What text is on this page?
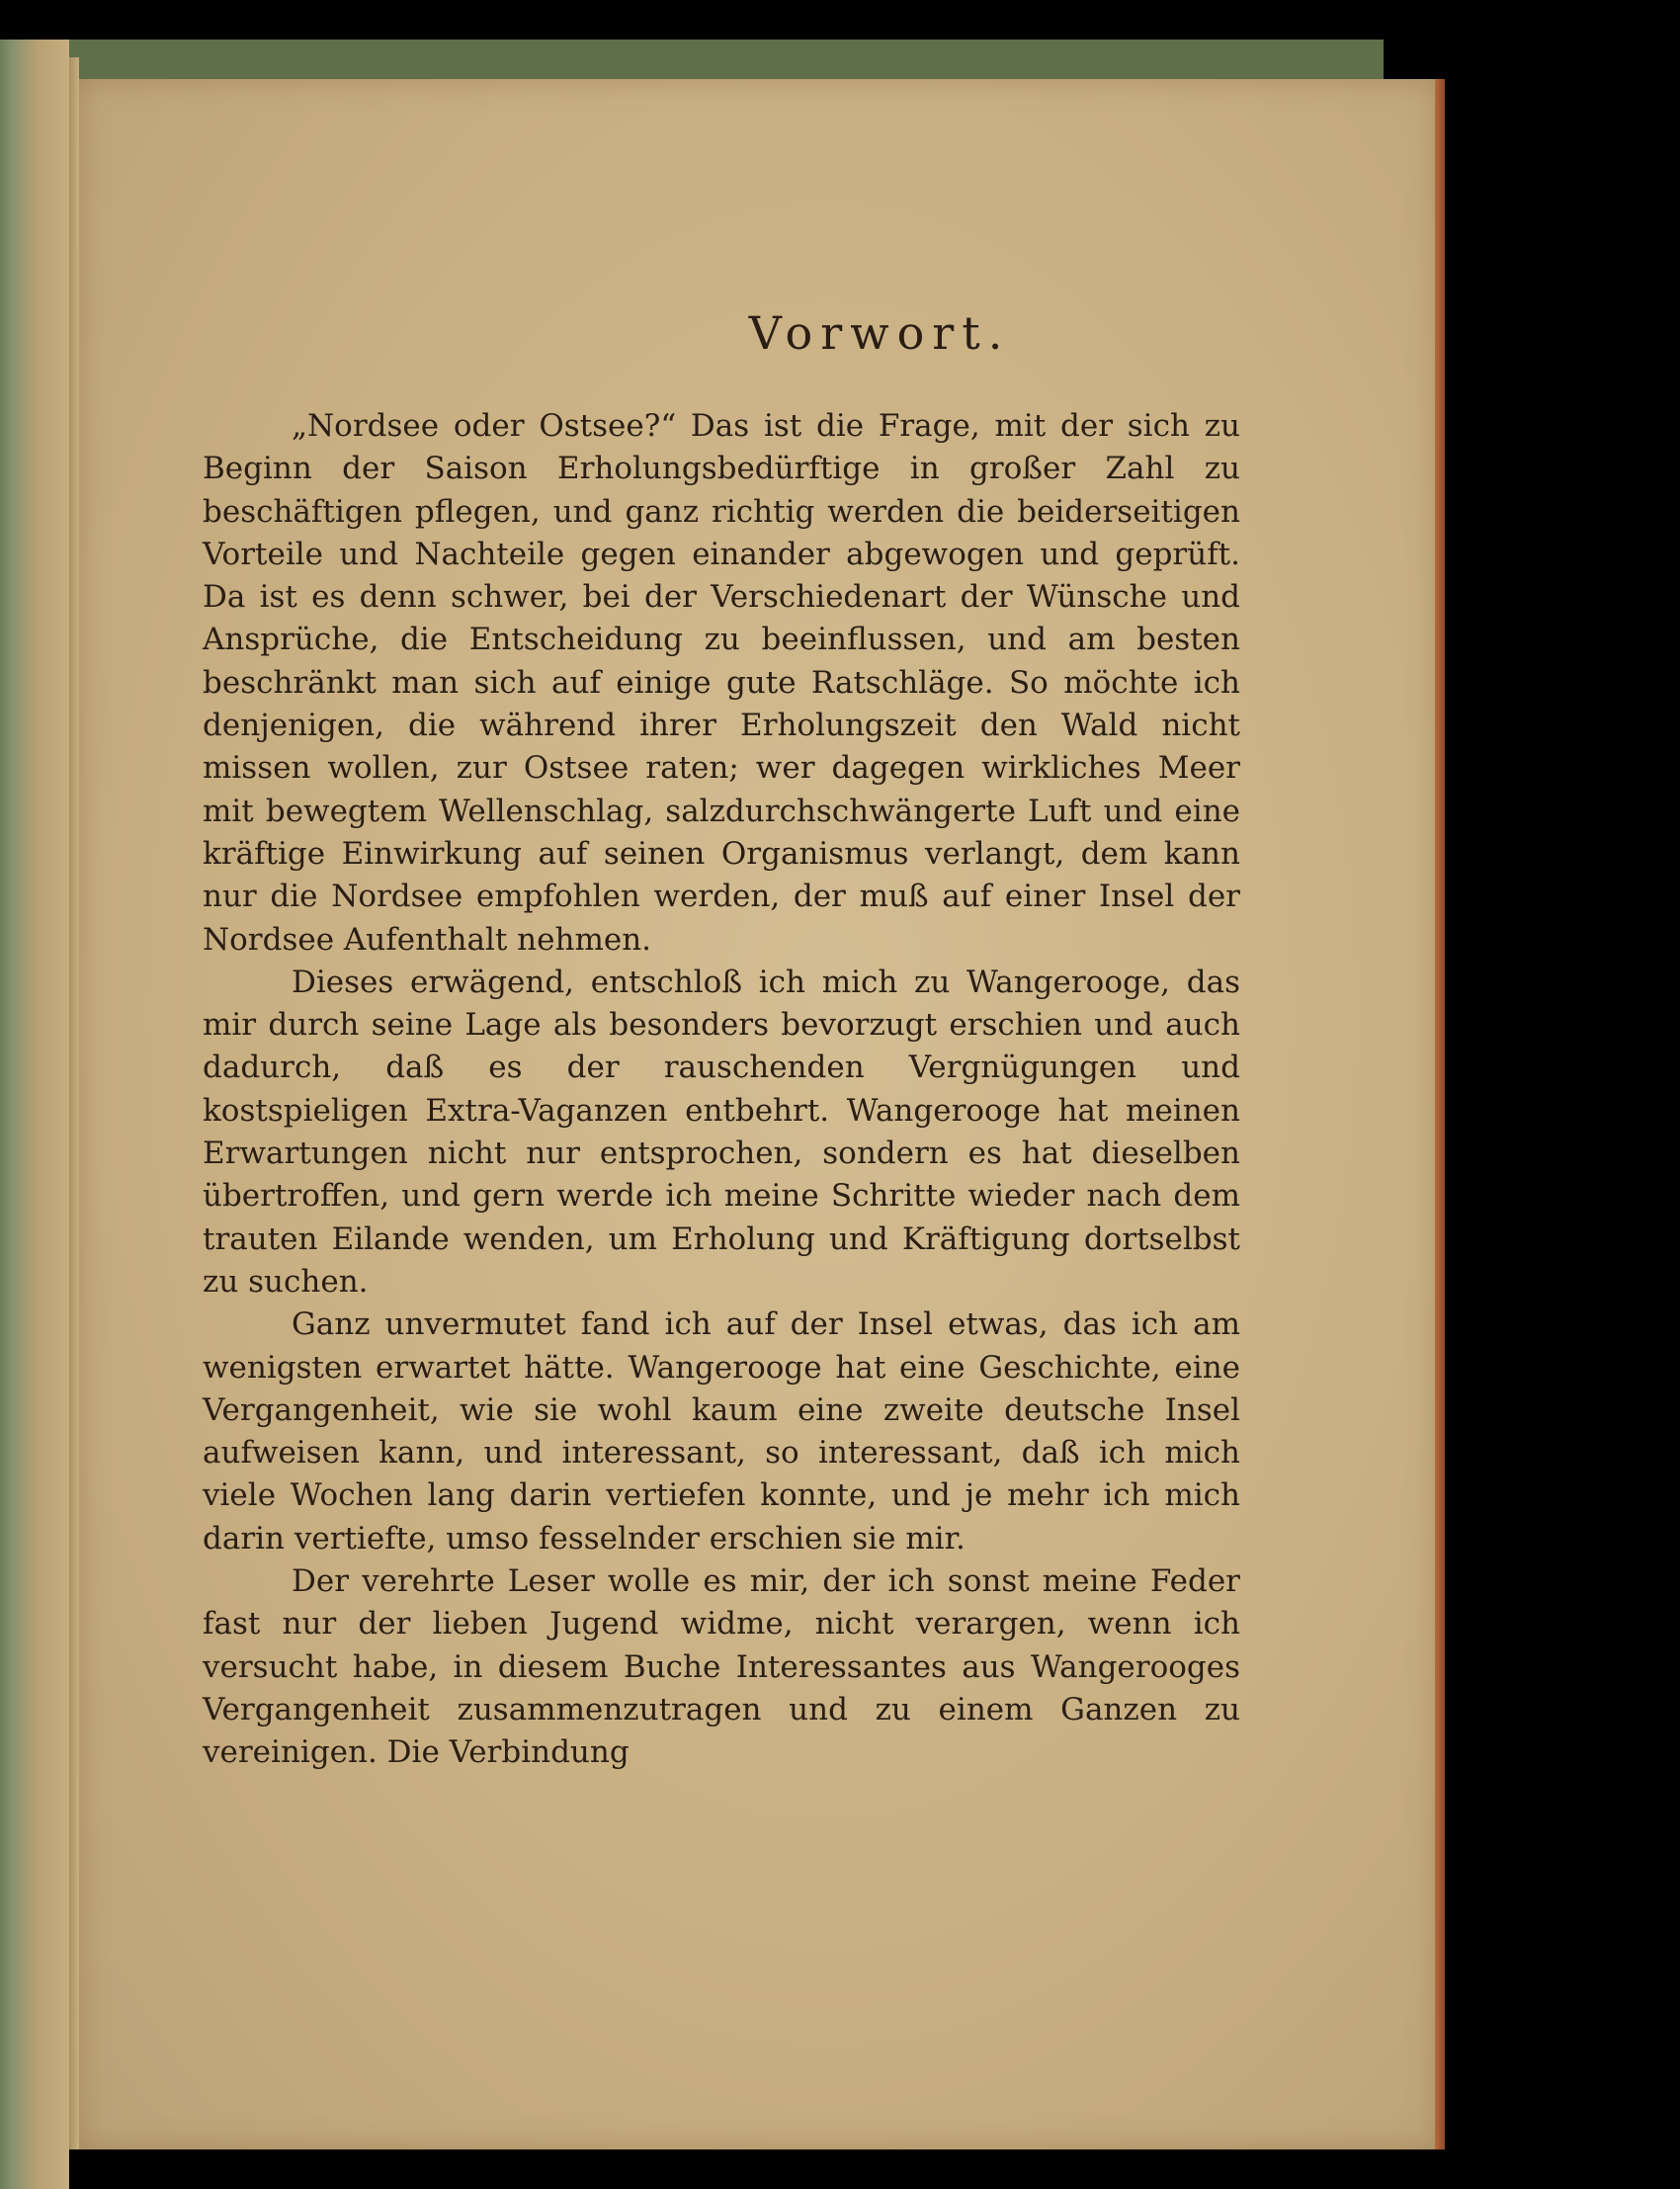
Vorwort.

„Nordsee oder Ostsee?“ Das ist die Frage, mit der sich zu Beginn der Saison Erholungsbedürftige in großer Zahl zu beschäftigen pflegen, und ganz richtig werden die beiderseitigen Vorteile und Nachteile gegen einander abgewogen und geprüft. Da ist es denn schwer, bei der Verschiedenart der Wünsche und Ansprüche, die Entscheidung zu beeinflussen, und am besten beschränkt man sich auf einige gute Ratschläge. So möchte ich denjenigen, die während ihrer Erholungszeit den Wald nicht missen wollen, zur Ostsee raten; wer dagegen wirkliches Meer mit bewegtem Wellenschlag, salzdurchschwängerte Luft und eine kräftige Einwirkung auf seinen Organismus verlangt, dem kann nur die Nordsee empfohlen werden, der muß auf einer Insel der Nordsee Aufenthalt nehmen.

Dieses erwägend, entschloß ich mich zu Wangerooge, das mir durch seine Lage als besonders bevorzugt erschien und auch dadurch, daß es der rauschenden Vergnügungen und kostspieligen Extra-Vaganzen entbehrt. Wangerooge hat meinen Erwartungen nicht nur entsprochen, sondern es hat dieselben übertroffen, und gern werde ich meine Schritte wieder nach dem trauten Eilande wenden, um Erholung und Kräftigung dortselbst zu suchen.

Ganz unvermutet fand ich auf der Insel etwas, das ich am wenigsten erwartet hätte. Wangerooge hat eine Geschichte, eine Vergangenheit, wie sie wohl kaum eine zweite deutsche Insel aufweisen kann, und interessant, so interessant, daß ich mich viele Wochen lang darin vertiefen konnte, und je mehr ich mich darin vertiefte, umso fesselnder erschien sie mir.

Der verehrte Leser wolle es mir, der ich sonst meine Feder fast nur der lieben Jugend widme, nicht verargen, wenn ich versucht habe, in diesem Buche Interessantes aus Wangerooges Vergangenheit zusammenzutragen und zu einem Ganzen zu vereinigen. Die Verbindung
